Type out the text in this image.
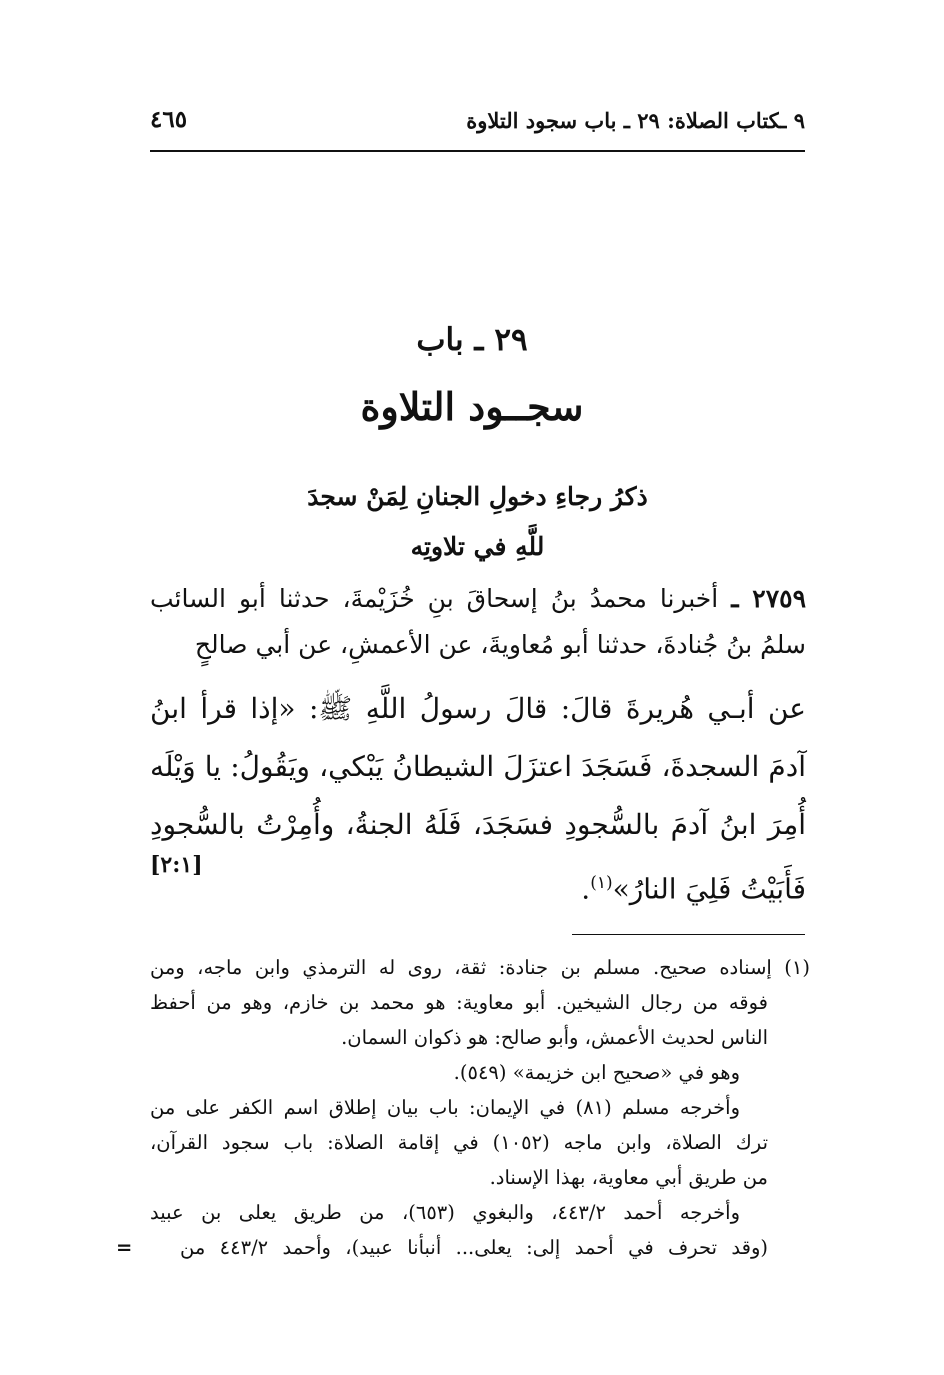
٩ ـكتاب الصلاة: ٢٩ ـ باب سجود التلاوة
٤٦٥
٢٩ ـ باب
سجــود التلاوة
ذكرُ رجاءِ دخولِ الجنانِ لِمَنْ سجدَ
للَّهِ في تلاوتِه
٢٧٥٩ ـ أخبرنا محمدُ بنُ إسحاقَ بنِ خُزَيْمةَ، حدثنا أبو السائب سلمُ بنُ جُنادةَ، حدثنا أبو مُعاويةَ، عن الأعمشِ، عن أبي صالحٍ
عن أبـي هُريرةَ قالَ: قالَ رسولُ اللَّهِ ﷺ: «إذا قرأ ابنُ آدمَ السجدةَ، فَسَجَدَ اعتزَلَ الشيطانُ يَبْكي، ويَقُولُ: يا وَيْلَه أُمِرَ ابنُ آدمَ بالسُّجودِ فسَجَدَ، فَلَهُ الجنةُ، وأُمِرْتُ بالسُّجودِ فَأَبَيْتُ فَلِيَ النارُ»$^{(١)}$.
[٢:١]

(١) إسناده صحيح. مسلم بن جنادة: ثقة، روى له الترمذي وابن ماجه، ومن

فوقه من رجال الشيخين. أبو معاوية: هو محمد بن خازم، وهو من أحفظ

الناس لحديث الأعمش، وأبو صالح: هو ذكوان السمان.

وهو في «صحيح ابن خزيمة» (٥٤٩).

وأخرجه مسلم (٨١) في الإيمان: باب بيان إطلاق اسم الكفر على من

ترك الصلاة، وابن ماجه (١٠٥٢) في إقامة الصلاة: باب سجود القرآن،

من طريق أبي معاوية، بهذا الإسناد.

وأخرجه أحمد ٤٤٣/٢، والبغوي (٦٥٣)، من طريق يعلى بن عبيد

(وقد تحرف في أحمد إلى: يعلى... أنبأنا عبيد)، وأحمد ٤٤٣/٢ من
=
